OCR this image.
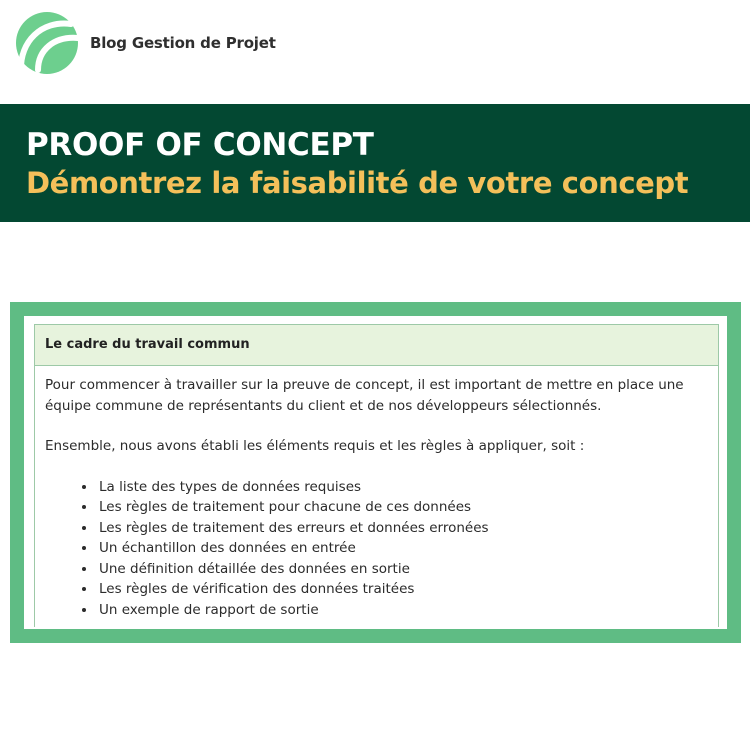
Blog Gestion de Projet
PROOF OF CONCEPT
Démontrez la faisabilité de votre concept
Le cadre du travail commun

Pour commencer à travailler sur la preuve de concept, il est important de mettre en place une équipe commune de représentants du client et de nos développeurs sélectionnés.

Ensemble, nous avons établi les éléments requis et les règles à appliquer, soit :

• La liste des types de données requises
• Les règles de traitement pour chacune de ces données
• Les règles de traitement des erreurs et données erronées
• Un échantillon des données en entrée
• Une définition détaillée des données en sortie
• Les règles de vérification des données traitées
• Un exemple de rapport de sortie
